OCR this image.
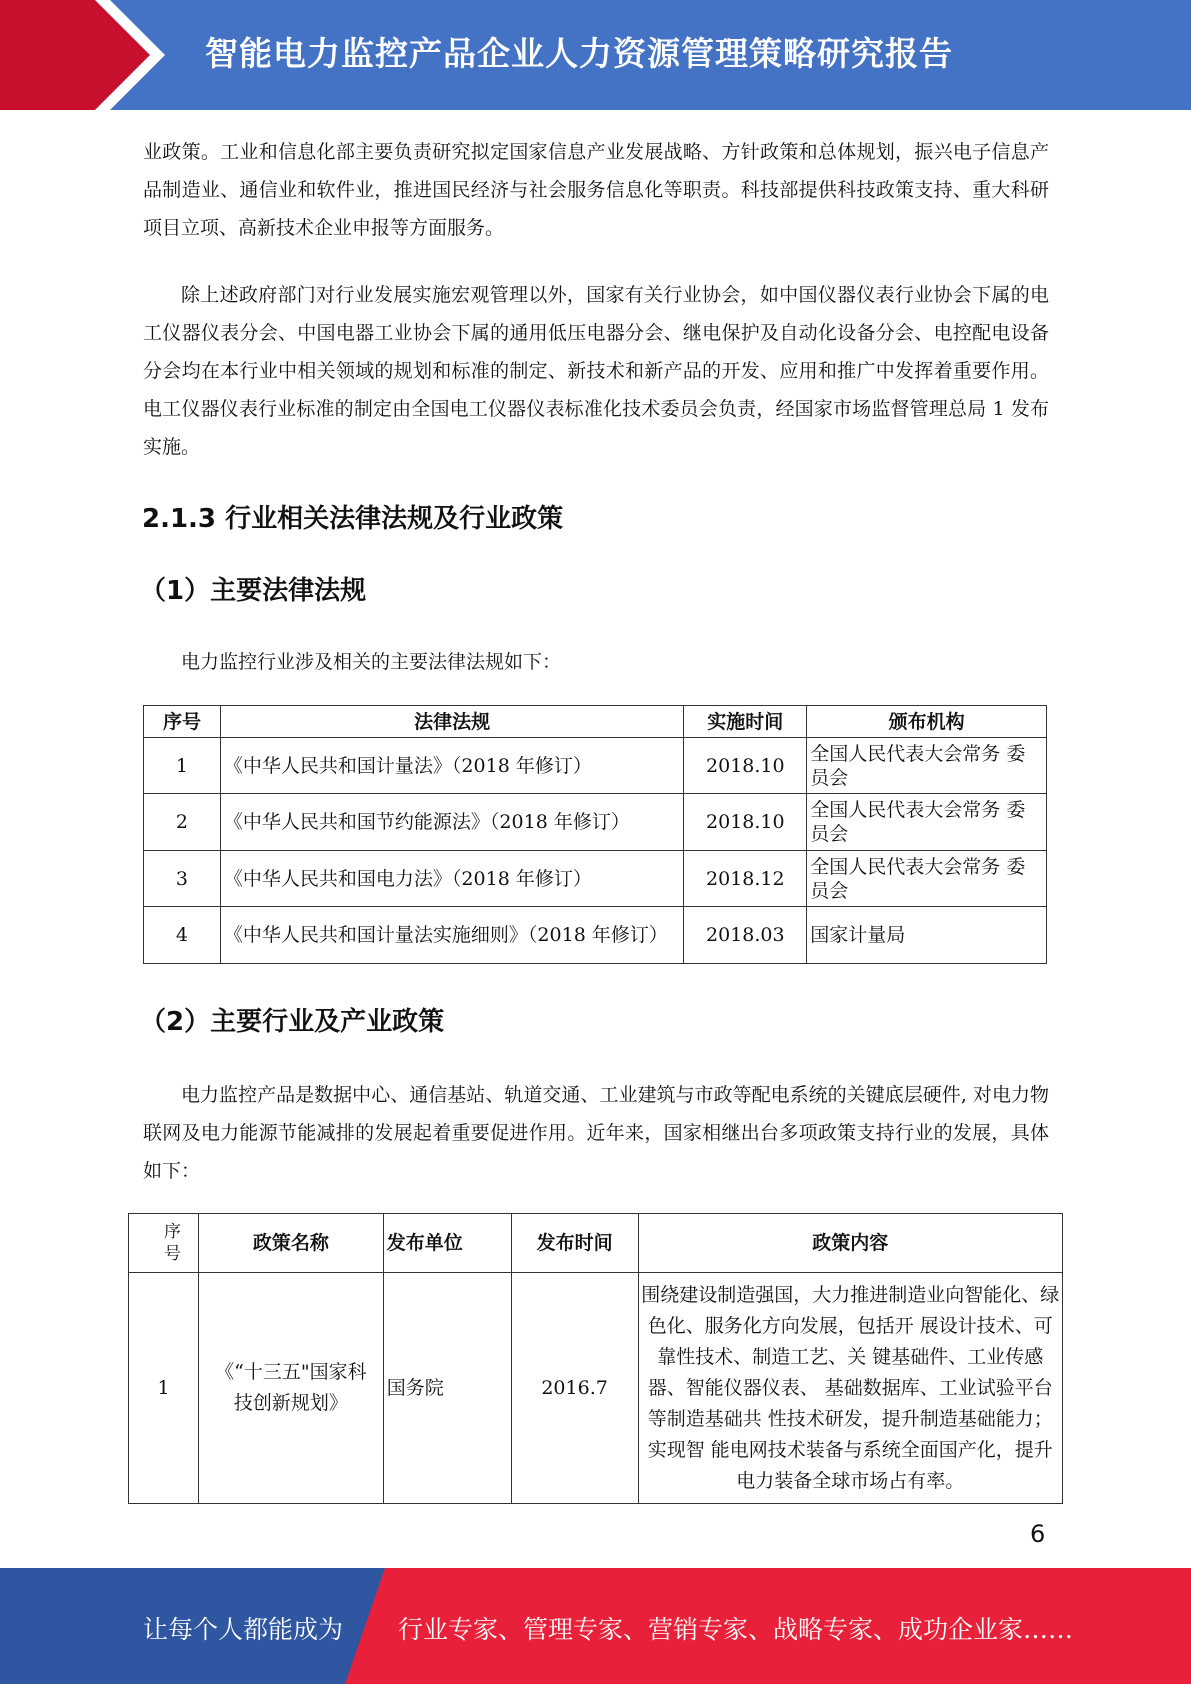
智能电力监控产品企业人力资源管理策略研究报告

业政策。工业和信息化部主要负责研究拟定国家信息产业发展战略、方针政策和总体规划，振兴电子信息产品制造业、通信业和软件业，推进国民经济与社会服务信息化等职责。科技部提供科技政策支持、重大科研项目立项、高新技术企业申报等方面服务。

除上述政府部门对行业发展实施宏观管理以外，国家有关行业协会，如中国仪器仪表行业协会下属的电工仪器仪表分会、中国电器工业协会下属的通用低压电器分会、继电保护及自动化设备分会、电控配电设备分会均在本行业中相关领域的规划和标准的制定、新技术和新产品的开发、应用和推广中发挥着重要作用。电工仪器仪表行业标准的制定由全国电工仪器仪表标准化技术委员会负责，经国家市场监督管理总局 1 发布实施。

2.1.3 行业相关法律法规及行业政策
（1）主要法律法规

电力监控行业涉及相关的主要法律法规如下：

序号	法律法规	实施时间	颁布机构
1	《中华人民共和国计量法》（2018 年修订）	2018.10	全国人民代表大会常务 委员会
2	《中华人民共和国节约能源法》（2018 年修订）	2018.10	全国人民代表大会常务 委员会
3	《中华人民共和国电力法》（2018 年修订）	2018.12	全国人民代表大会常务 委员会
4	《中华人民共和国计量法实施细则》（2018 年修订）	2018.03	国家计量局
（2）主要行业及产业政策

电力监控产品是数据中心、通信基站、轨道交通、工业建筑与市政等配电系统的关键底层硬件, 对电力物联网及电力能源节能减排的发展起着重要促进作用。近年来，国家相继出台多项政策支持行业的发展，具体如下：

序号	政策名称	发布单位	发布时间	政策内容
1	《“十三五"国家科技创新规划》	国务院	2016.7	围绕建设制造强国，大力推进制造业向智能化、绿色化、服务化方向发展，包括开 展设计技术、可靠性技术、制造工艺、关 键基础件、工业传感器、智能仪器仪表、 基础数据库、工业试验平台等制造基础共 性技术研发，提升制造基础能力；实现智 能电网技术装备与系统全面国产化，提升 电力装备全球市场占有率。
6
让每个人都能成为 行业专家、管理专家、营销专家、战略专家、成功企业家……
